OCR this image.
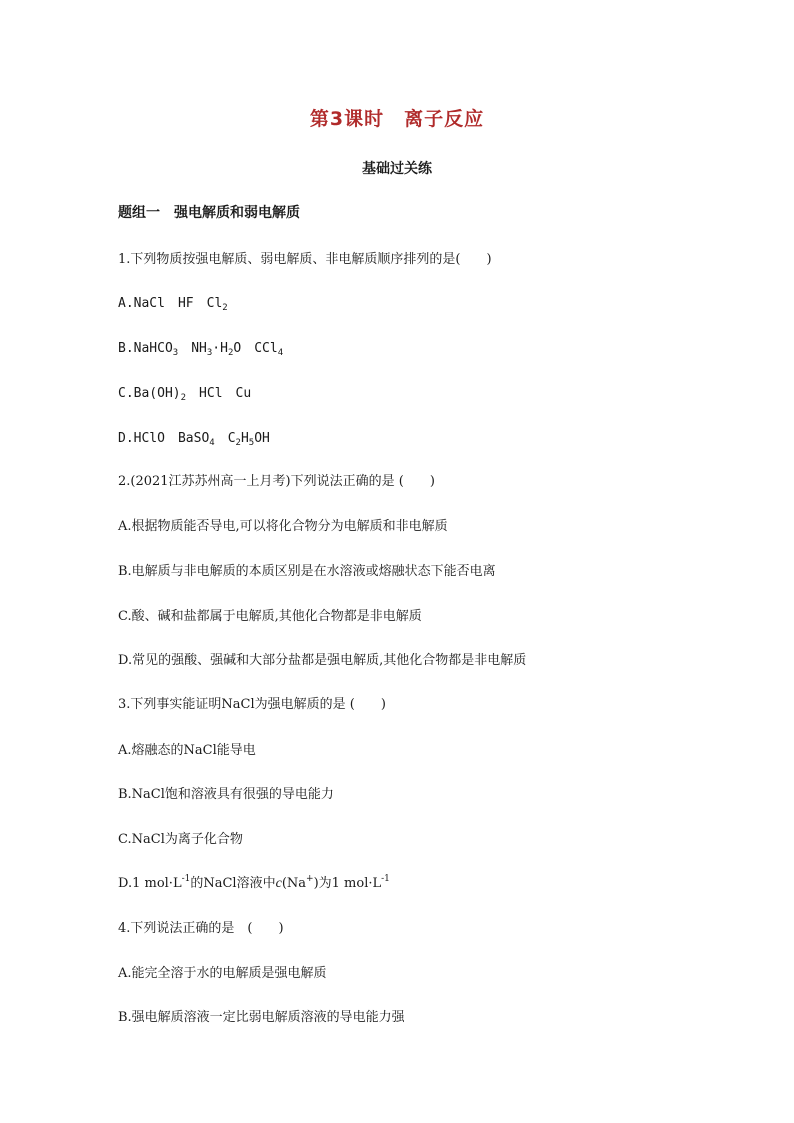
第3课时　离子反应
基础过关练
题组一　强电解质和弱电解质
1.下列物质按强电解质、弱电解质、非电解质顺序排列的是(　　)
A.NaCl　HF　$Cl_2$
B.NaHCO$_3$　$NH_3\cdot H_2O$　CCl$_4$
$C.Ba(OH)_2$　HCl　Cu
D.HClO　BaSO$_4$　$C_2H_5OH$
2.(2021江苏苏州高一上月考)下列说法正确的是 (　　)
A.根据物质能否导电,可以将化合物分为电解质和非电解质
B.电解质与非电解质的本质区别是在水溶液或熔融状态下能否电离
C.酸、碱和盐都属于电解质,其他化合物都是非电解质
D.常见的强酸、强碱和大部分盐都是强电解质,其他化合物都是非电解质
3.下列事实能证明NaCl为强电解质的是 (　　)
A.熔融态的NaCl能导电
B.NaCl饱和溶液具有很强的导电能力
C.NaCl为离子化合物
D.1 $mol\cdot L^{-1}$的NaCl溶液中c(Na+)为1 $mol\cdot L^{-1}$
4.下列说法正确的是　(　　)
A.能完全溶于水的电解质是强电解质
B.强电解质溶液一定比弱电解质溶液的导电能力强
